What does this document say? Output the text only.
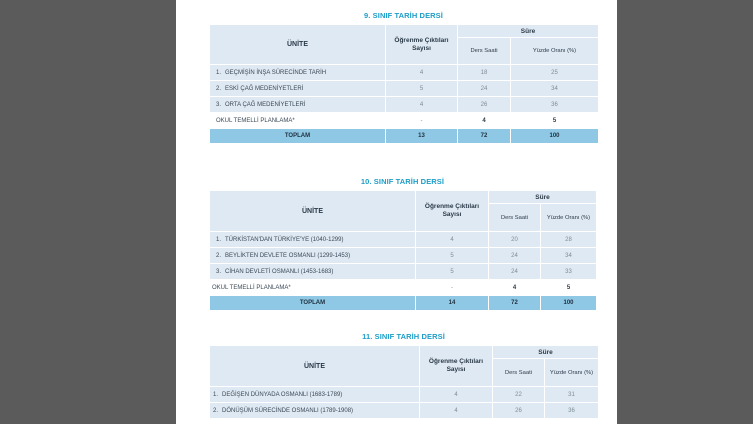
9. SINIF TARİH DERSİ
ÜNİTE	Öğrenme Çıktıları Sayısı	Süre	
		Ders Saati	Yüzde Oranı (%)
1. GEÇMİŞİN İNŞA SÜRECİNDE TARİH	4	18	25
2. ESKİ ÇAĞ MEDENİYETLERİ	5	24	34
3. ORTA ÇAĞ MEDENİYETLERİ	4	26	36
OKUL TEMELLİ PLANLAMA*	-	4	5
TOPLAM	13	72	100
10. SINIF TARİH DERSİ
ÜNİTE	Öğrenme Çıktıları Sayısı	Süre	
		Ders Saati	Yüzde Oranı (%)
1. TÜRKİSTAN'DAN TÜRKİYE'YE (1040-1299)	4	20	28
2. BEYLİKTEN DEVLETE OSMANLI (1299-1453)	5	24	34
3. CİHAN DEVLETİ OSMANLI (1453-1683)	5	24	33
OKUL TEMELLİ PLANLAMA*	-	4	5
TOPLAM	14	72	100
11. SINIF TARİH DERSİ
ÜNİTE	Öğrenme Çıktıları Sayısı	Süre	
		Ders Saati	Yüzde Oranı (%)
1. DEĞİŞEN DÜNYADA OSMANLI (1683-1789)	4	22	31
2. DÖNÜŞÜM SÜRECİNDE OSMANLI (1789-1908)	4	26	36
